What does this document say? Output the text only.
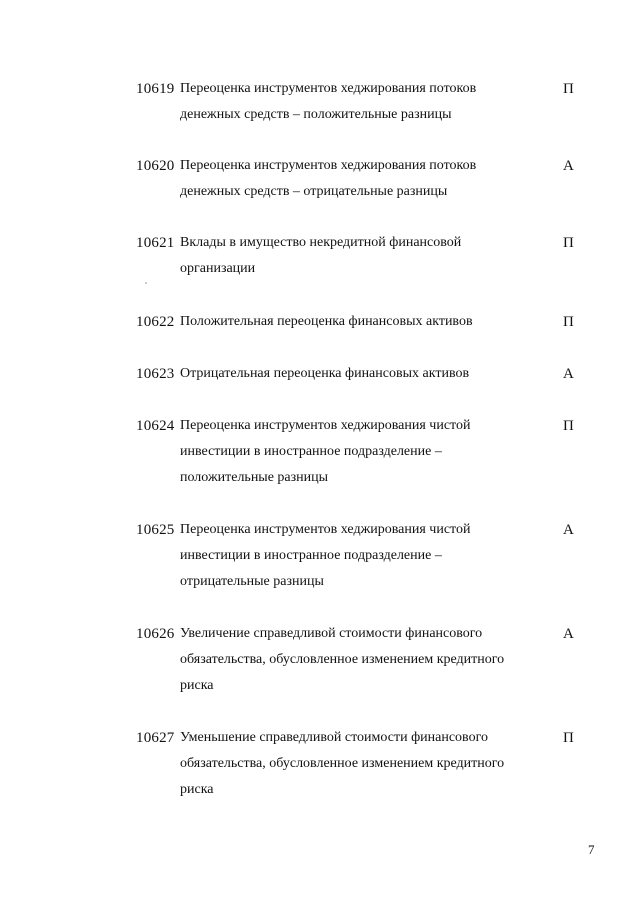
10619 Переоценка инструментов хеджирования потоков
денежных средств – положительные разницы
П
10620 Переоценка инструментов хеджирования потоков
денежных средств – отрицательные разницы
А
10621 Вклады в имущество некредитной финансовой
организации
П
10622 Положительная переоценка финансовых активов	П
10623 Отрицательная переоценка финансовых активов	А
10624 Переоценка инструментов хеджирования чистой
инвестиции в иностранное подразделение –
положительные разницы
П
10625 Переоценка инструментов хеджирования чистой
инвестиции в иностранное подразделение –
отрицательные разницы
А
10626 Увеличение справедливой стоимости финансового
обязательства, обусловленное изменением кредитного
риска
А
10627 Уменьшение справедливой стоимости финансового
обязательства, обусловленное изменением кредитного
риска
П
7
